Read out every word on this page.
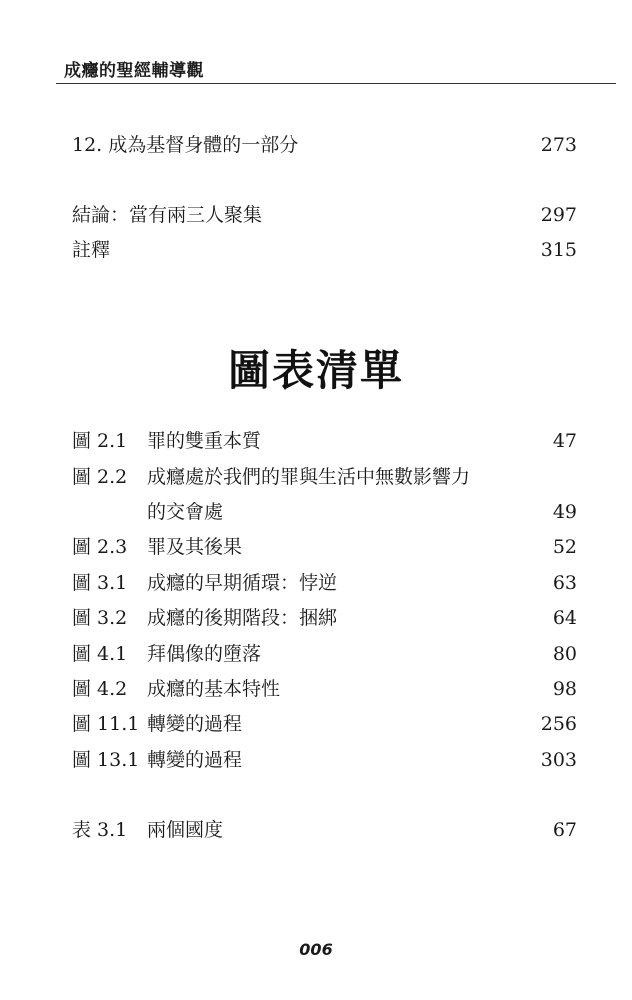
成癮的聖經輔導觀
12. 成為基督身體的一部分	273
結論：當有兩三人聚集	297
註釋	315
圖表清單
圖 2.1 罪的雙重本質	47
圖 2.2 成癮處於我們的罪與生活中無數影響力
的交會處	49
圖 2.3 罪及其後果	52
圖 3.1 成癮的早期循環：悖逆	63
圖 3.2 成癮的後期階段：捆綁	64
圖 4.1 拜偶像的墮落	80
圖 4.2 成癮的基本特性	98
圖 11.1 轉變的過程	256
圖 13.1 轉變的過程	303
表 3.1 兩個國度	67
006
